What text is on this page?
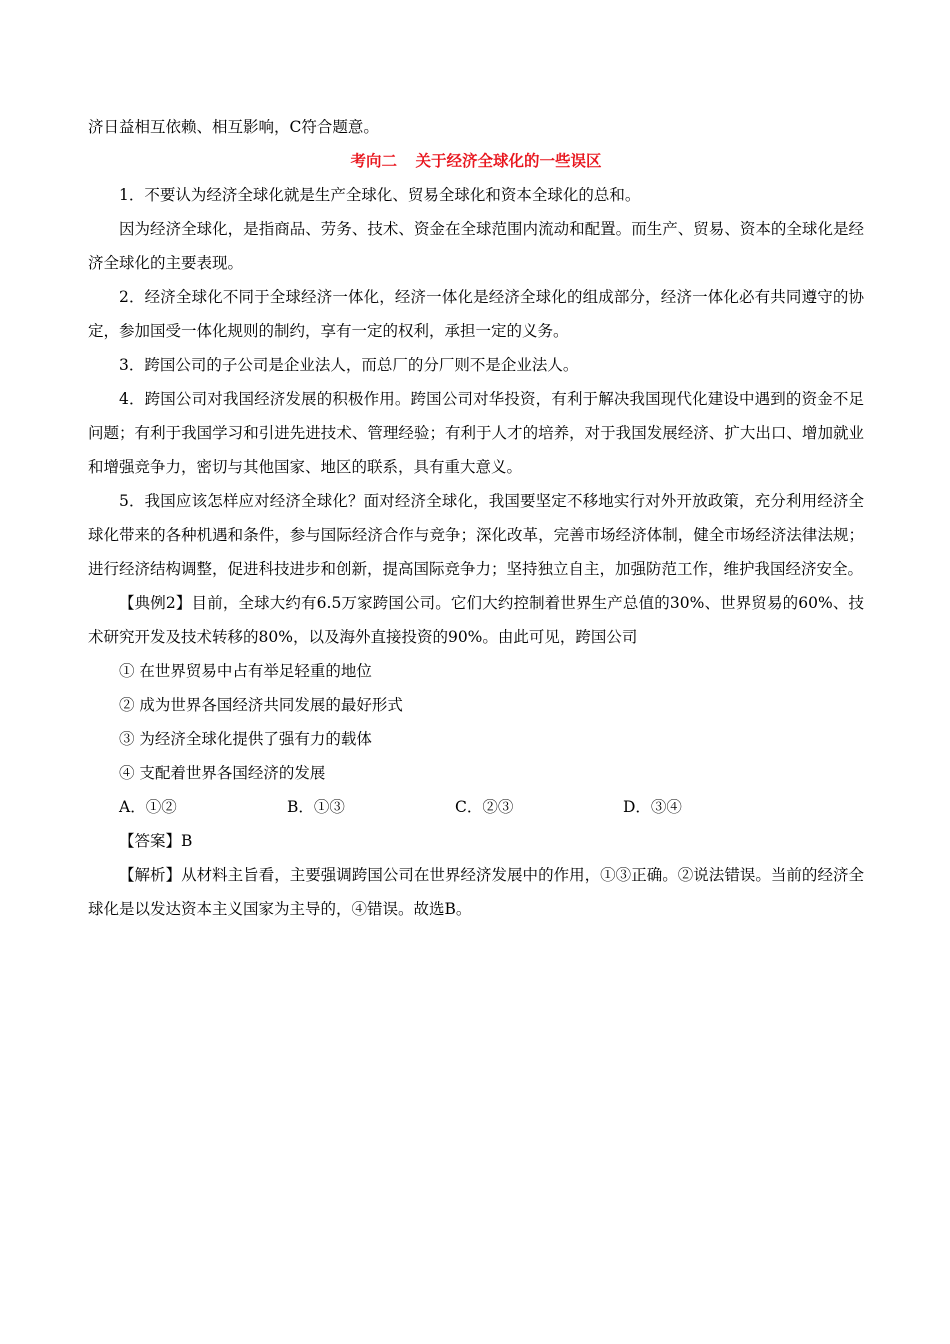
济日益相互依赖、相互影响，C符合题意。

考向二 关于经济全球化的一些误区

1．不要认为经济全球化就是生产全球化、贸易全球化和资本全球化的总和。

因为经济全球化，是指商品、劳务、技术、资金在全球范围内流动和配置。而生产、贸易、资本的全球化是经济全球化的主要表现。

2．经济全球化不同于全球经济一体化，经济一体化是经济全球化的组成部分，经济一体化必有共同遵守的协定，参加国受一体化规则的制约，享有一定的权利，承担一定的义务。

3．跨国公司的子公司是企业法人，而总厂的分厂则不是企业法人。

4．跨国公司对我国经济发展的积极作用。跨国公司对华投资，有利于解决我国现代化建设中遇到的资金不足问题；有利于我国学习和引进先进技术、管理经验；有利于人才的培养，对于我国发展经济、扩大出口、增加就业和增强竞争力，密切与其他国家、地区的联系，具有重大意义。

5．我国应该怎样应对经济全球化？面对经济全球化，我国要坚定不移地实行对外开放政策，充分利用经济全球化带来的各种机遇和条件，参与国际经济合作与竞争；深化改革，完善市场经济体制，健全市场经济法律法规；进行经济结构调整，促进科技进步和创新，提高国际竞争力；坚持独立自主，加强防范工作，维护我国经济安全。

【典例2】目前，全球大约有6.5万家跨国公司。它们大约控制着世界生产总值的30%、世界贸易的60%、技术研究开发及技术转移的80%，以及海外直接投资的90%。由此可见，跨国公司

① 在世界贸易中占有举足轻重的地位

② 成为世界各国经济共同发展的最好形式

③ 为经济全球化提供了强有力的载体

④ 支配着世界各国经济的发展

A．①②	B．①③	C．②③	D．③④

【答案】B

【解析】从材料主旨看，主要强调跨国公司在世界经济发展中的作用，①③正确。②说法错误。当前的经济全球化是以发达资本主义国家为主导的，④错误。故选B。
